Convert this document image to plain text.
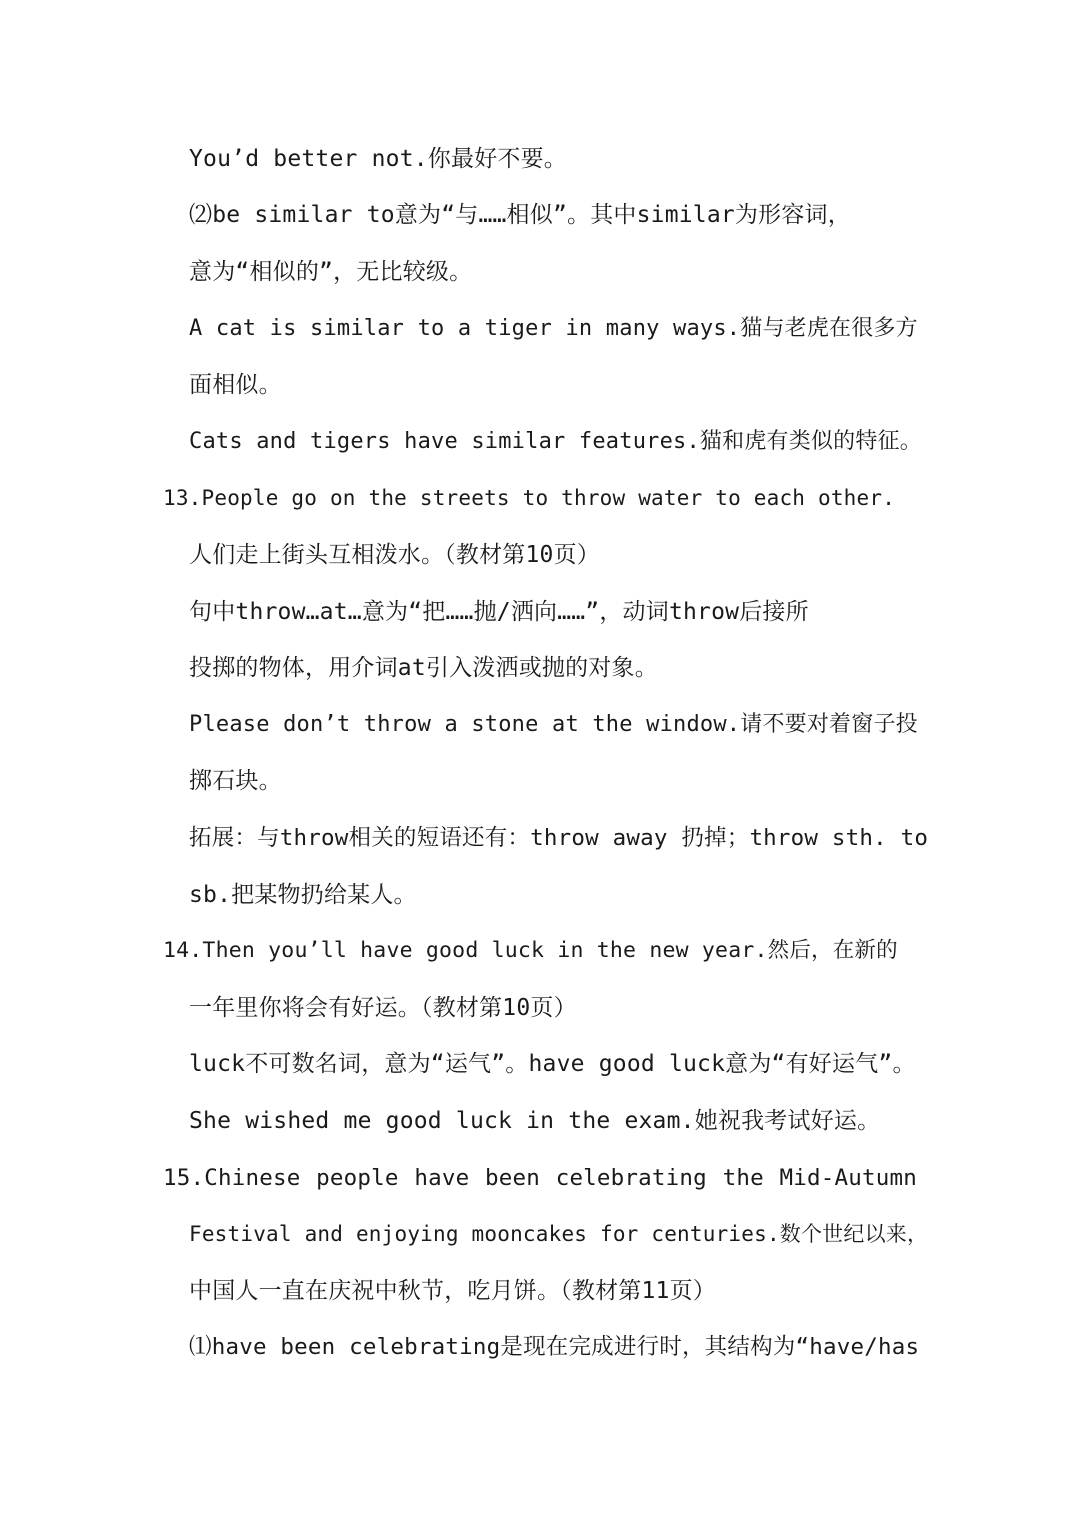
You’d better not.你最好不要。
⑵be similar to意为“与……相似”。其中similar为形容词，
意为“相似的”，无比较级。
A cat is similar to a tiger in many ways.猫与老虎在很多方
面相似。
Cats and tigers have similar features.猫和虎有类似的特征。
13.People go on the streets to throw water to each other.
人们走上街头互相泼水。（教材第10页）
句中throw…at…意为“把……抛/洒向……”，动词throw后接所
投掷的物体，用介词at引入泼洒或抛的对象。
Please don’t throw a stone at the window.请不要对着窗子投
掷石块。
拓展：与throw相关的短语还有：throw away 扔掉；throw sth. to
sb.把某物扔给某人。
14.Then you’ll have good luck in the new year.然后，在新的
一年里你将会有好运。（教材第10页）
luck不可数名词，意为“运气”。have good luck意为“有好运气”。
She wished me good luck in the exam.她祝我考试好运。
15.Chinese people have been celebrating the Mid-Autumn
Festival and enjoying mooncakes for centuries.数个世纪以来，
中国人一直在庆祝中秋节，吃月饼。（教材第11页）
⑴have been celebrating是现在完成进行时，其结构为“have/has
